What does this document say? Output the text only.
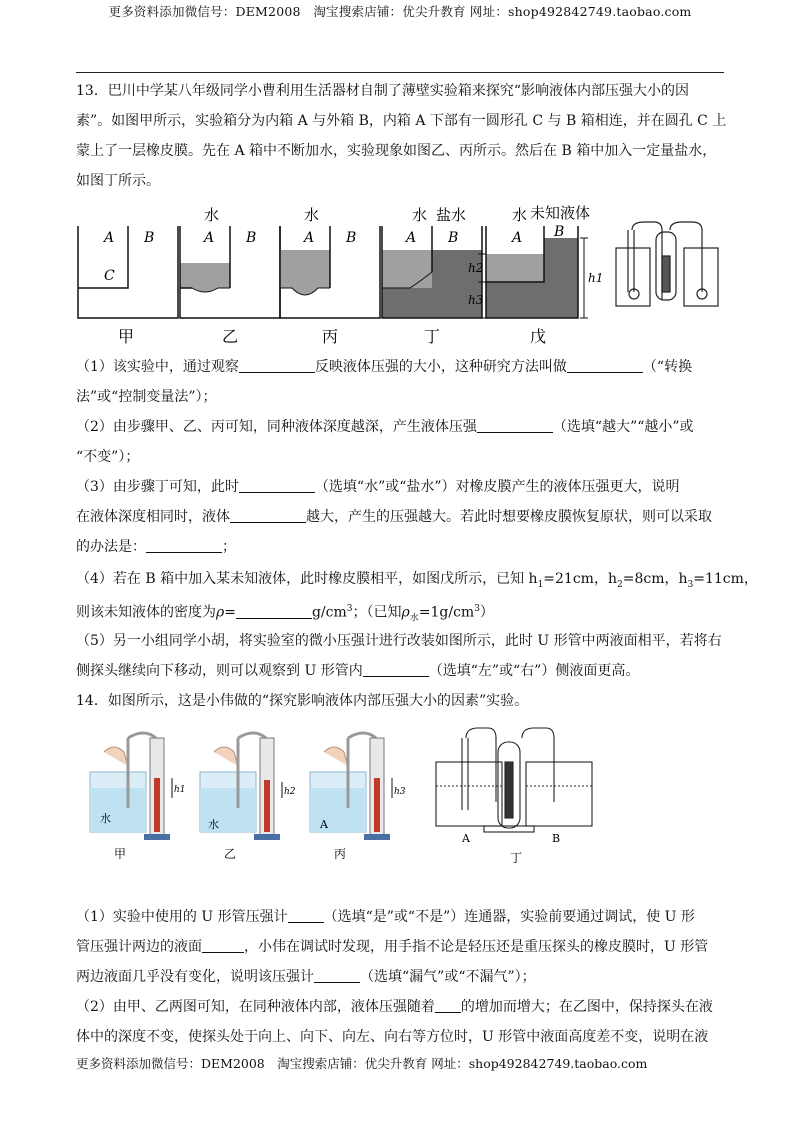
更多资料添加微信号：DEM2008　淘宝搜索店铺：优尖升教育 网址：shop492842749.taobao.com
13．巴川中学某八年级同学小曹利用生活器材自制了薄壁实验箱来探究“影响液体内部压强大小的因
素”。如图甲所示，实验箱分为内箱 A 与外箱 B，内箱 A 下部有一圆形孔 C 与 B 箱相连，并在圆孔 C 上
蒙上了一层橡皮膜。先在 A 箱中不断加水，实验现象如图乙、丙所示。然后在 B 箱中加入一定量盐水，
如图丁所示。
A B
C
水
A B
水
A B
水 盐水
A B
水 未知液体
A B
h2
h3
h1
甲	乙	丙	丁	戊
（1）该实验中，通过观察	反映液体压强的大小，这种研究方法叫做	（“转换
法”或“控制变量法”）；
（2）由步骤甲、乙、丙可知，同种液体深度越深，产生液体压强	（选填“越大”“越小”或
“不变”）；
（3）由步骤丁可知，此时	（选填“水”或“盐水”）对橡皮膜产生的液体压强更大，说明
在液体深度相同时，液体	越大，产生的压强越大。若此时想要橡皮膜恢复原状，则可以采取
的办法是：	；
（4）若在 B 箱中加入某未知液体，此时橡皮膜相平，如图戊所示，已知 $h_1=21cm$，$h_2=8cm$，$h_3=11cm$，
则该未知液体的密度为ρ=	$g/cm^3$；（已知$\rho_水=1g/cm^3$）
（5）另一小组同学小胡，将实验室的微小压强计进行改装如图所示，此时 U 形管中两液面相平，若将右
侧探头继续向下移动，则可以观察到 U 形管内	（选填“左”或“右”）侧液面更高。
14．如图所示，这是小伟做的“探究影响液体内部压强大小的因素”实验。
h1
水
h2
水
h3
A
甲	乙	丙
A	B
丁
（1）实验中使用的 U 形管压强计	（选填“是”或“不是”）连通器，实验前要通过调试，使 U 形
管压强计两边的液面	，小伟在调试时发现，用手指不论是轻压还是重压探头的橡皮膜时，U 形管
两边液面几乎没有变化，说明该压强计	（选填“漏气”或“不漏气”）；
（2）由甲、乙两图可知，在同种液体内部，液体压强随着 的增加而增大；在乙图中，保持探头在液
体中的深度不变，使探头处于向上、向下、向左、向右等方位时，U 形管中液面高度差不变，说明在液
更多资料添加微信号：DEM2008　淘宝搜索店铺：优尖升教育 网址：shop492842749.taobao.com
